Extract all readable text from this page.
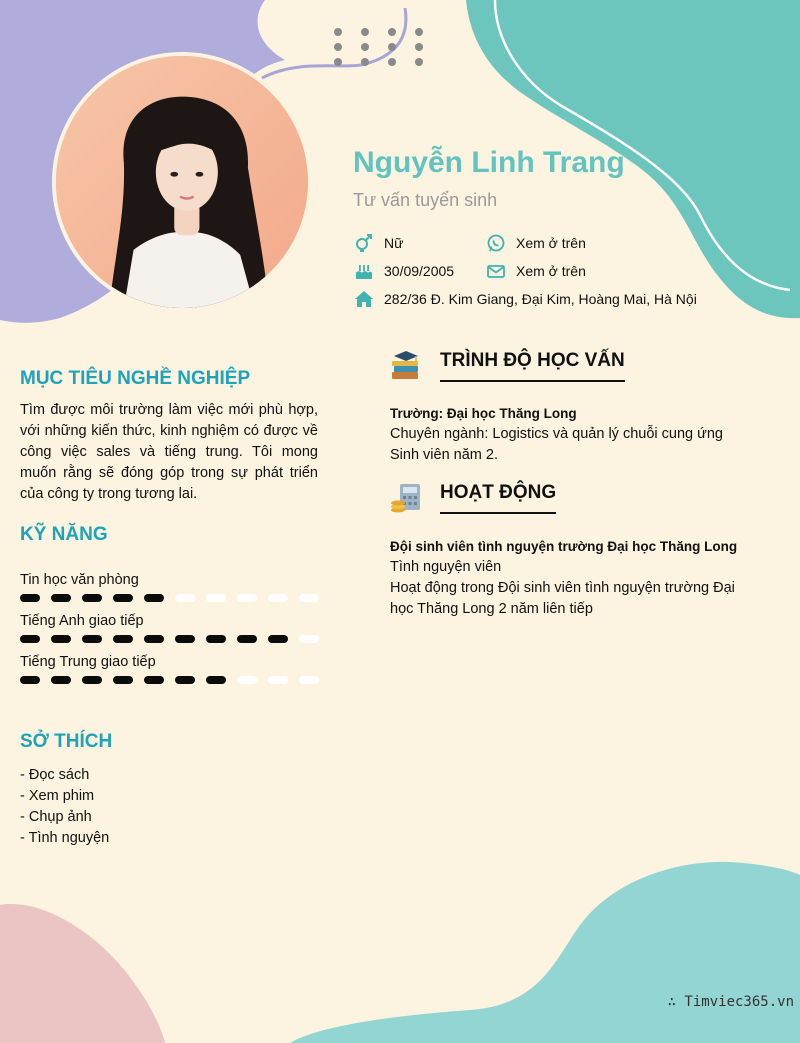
Nguyễn Linh Trang
Tư vấn tuyển sinh
Nữ	Xem ở trên
30/09/2005	Xem ở trên
282/36 Đ. Kim Giang, Đại Kim, Hoàng Mai, Hà Nội
MỤC TIÊU NGHỀ NGHIỆP
Tìm được môi trường làm việc mới phù hợp, với những kiến thức, kinh nghiệm có được về công việc sales và tiếng trung. Tôi mong muốn rằng sẽ đóng góp trong sự phát triển của công ty trong tương lai.
KỸ NĂNG
Tin học văn phòng
Tiếng Anh giao tiếp
Tiếng Trung giao tiếp
SỞ THÍCH
- Đọc sách
- Xem phim
- Chụp ảnh
- Tình nguyện
TRÌNH ĐỘ HỌC VẤN
Trường: Đại học Thăng Long
Chuyên ngành: Logistics và quản lý chuỗi cung ứng
Sinh viên năm 2.
HOẠT ĐỘNG
Đội sinh viên tình nguyện trường Đại học Thăng Long
Tình nguyện viên
Hoạt động trong Đội sinh viên tình nguyện trường Đại học Thăng Long 2 năm liên tiếp
∴ Timviec365.vn
